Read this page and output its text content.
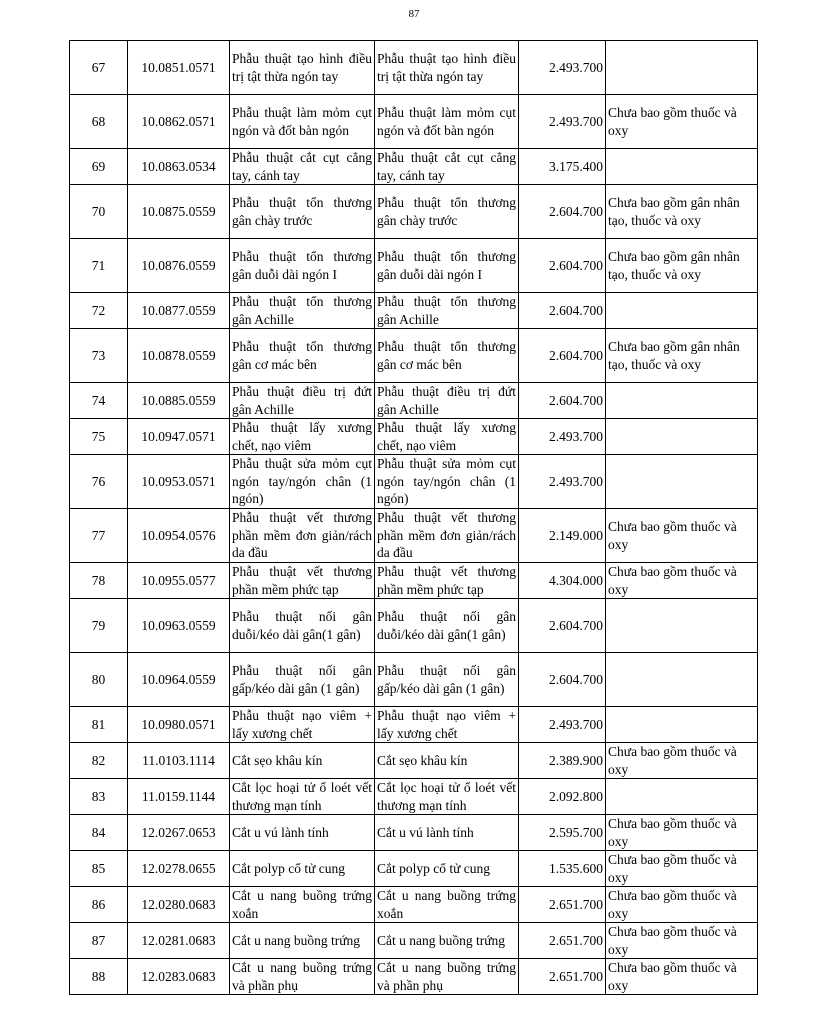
87
67	10.0851.0571	Phẫu thuật tạo hình điều trị tật thừa ngón tay	Phẫu thuật tạo hình điều trị tật thừa ngón tay	2.493.700	
68	10.0862.0571	Phẫu thuật làm mỏm cụt ngón và đốt bàn ngón	Phẫu thuật làm mỏm cụt ngón và đốt bàn ngón	2.493.700	Chưa bao gồm thuốc và oxy
69	10.0863.0534	Phẫu thuật cắt cụt cẳng tay, cánh tay	Phẫu thuật cắt cụt cẳng tay, cánh tay	3.175.400	
70	10.0875.0559	Phẫu thuật tổn thương gân chày trước	Phẫu thuật tổn thương gân chày trước	2.604.700	Chưa bao gồm gân nhân tạo, thuốc và oxy
71	10.0876.0559	Phẫu thuật tổn thương gân duỗi dài ngón I	Phẫu thuật tổn thương gân duỗi dài ngón I	2.604.700	Chưa bao gồm gân nhân tạo, thuốc và oxy
72	10.0877.0559	Phẫu thuật tổn thương gân Achille	Phẫu thuật tổn thương gân Achille	2.604.700	
73	10.0878.0559	Phẫu thuật tổn thương gân cơ mác bên	Phẫu thuật tổn thương gân cơ mác bên	2.604.700	Chưa bao gồm gân nhân tạo, thuốc và oxy
74	10.0885.0559	Phẫu thuật điều trị đứt gân Achille	Phẫu thuật điều trị đứt gân Achille	2.604.700	
75	10.0947.0571	Phẫu thuật lấy xương chết, nạo viêm	Phẫu thuật lấy xương chết, nạo viêm	2.493.700	
76	10.0953.0571	Phẫu thuật sửa mỏm cụt ngón tay/ngón chân (1 ngón)	Phẫu thuật sửa mỏm cụt ngón tay/ngón chân (1 ngón)	2.493.700	
77	10.0954.0576	Phẫu thuật vết thương phần mềm đơn giản/rách da đầu	Phẫu thuật vết thương phần mềm đơn giản/rách da đầu	2.149.000	Chưa bao gồm thuốc và oxy
78	10.0955.0577	Phẫu thuật vết thương phần mềm phức tạp	Phẫu thuật vết thương phần mềm phức tạp	4.304.000	Chưa bao gồm thuốc và oxy
79	10.0963.0559	Phẫu thuật nối gân duỗi/kéo dài gân(1 gân)	Phẫu thuật nối gân duỗi/kéo dài gân(1 gân)	2.604.700	
80	10.0964.0559	Phẫu thuật nối gân gấp/kéo dài gân (1 gân)	Phẫu thuật nối gân gấp/kéo dài gân (1 gân)	2.604.700	
81	10.0980.0571	Phẫu thuật nạo viêm + lấy xương chết	Phẫu thuật nạo viêm + lấy xương chết	2.493.700	
82	11.0103.1114	Cắt sẹo khâu kín	Cắt sẹo khâu kín	2.389.900	Chưa bao gồm thuốc và oxy
83	11.0159.1144	Cắt lọc hoại tử ổ loét vết thương mạn tính	Cắt lọc hoại tử ổ loét vết thương mạn tính	2.092.800	
84	12.0267.0653	Cắt u vú lành tính	Cắt u vú lành tính	2.595.700	Chưa bao gồm thuốc và oxy
85	12.0278.0655	Cắt polyp cổ tử cung	Cắt polyp cổ tử cung	1.535.600	Chưa bao gồm thuốc và oxy
86	12.0280.0683	Cắt u nang buồng trứng xoắn	Cắt u nang buồng trứng xoắn	2.651.700	Chưa bao gồm thuốc và oxy
87	12.0281.0683	Cắt u nang buồng trứng	Cắt u nang buồng trứng	2.651.700	Chưa bao gồm thuốc và oxy
88	12.0283.0683	Cắt u nang buồng trứng và phần phụ	Cắt u nang buồng trứng và phần phụ	2.651.700	Chưa bao gồm thuốc và oxy
